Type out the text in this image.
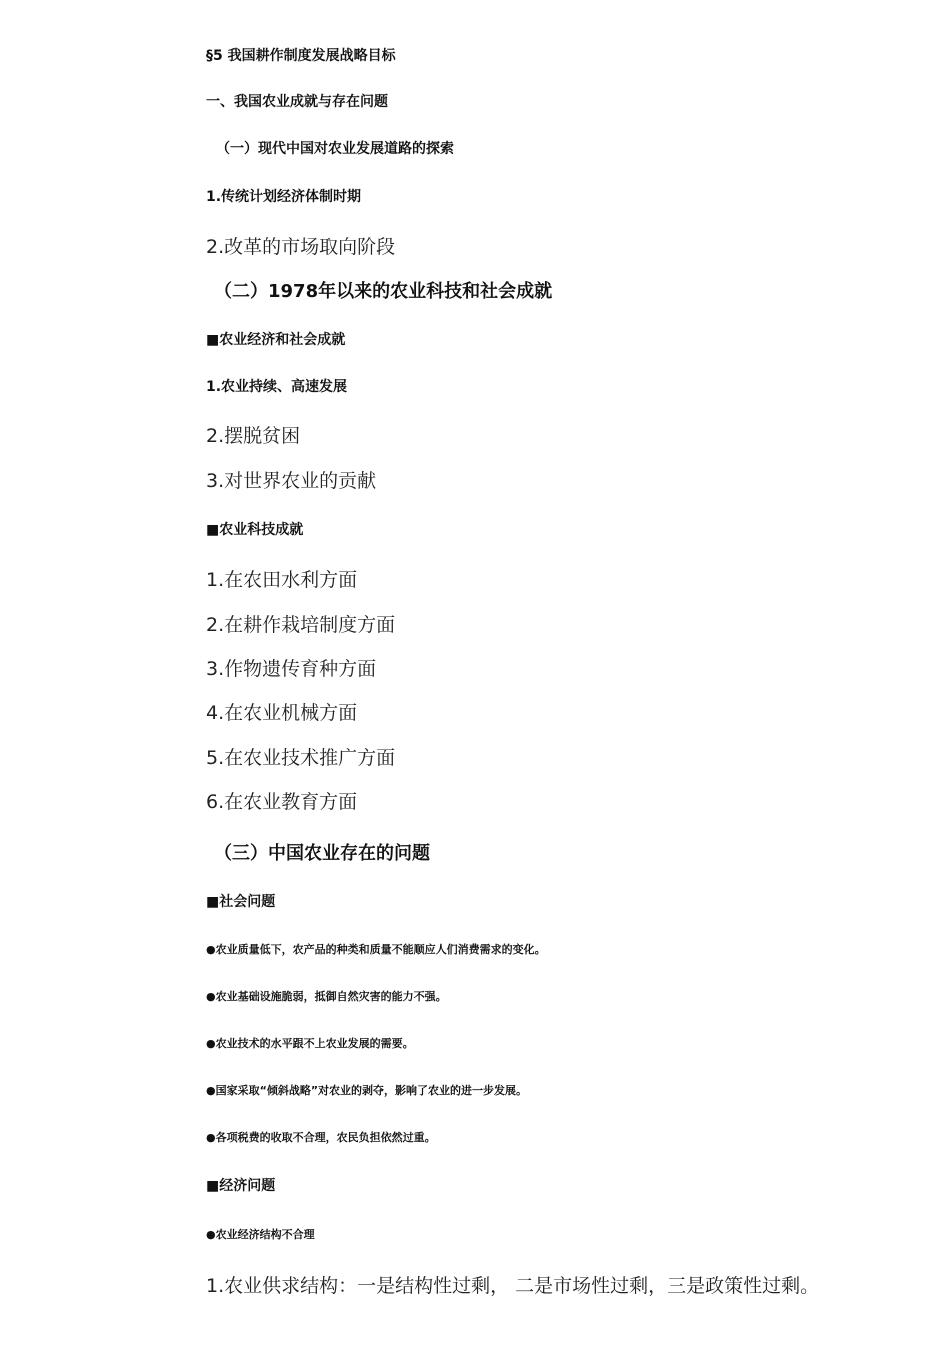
§5 我国耕作制度发展战略目标
一、我国农业成就与存在问题
（一）现代中国对农业发展道路的探索
1.传统计划经济体制时期
2.改革的市场取向阶段
（二）1978年以来的农业科技和社会成就
■农业经济和社会成就
1.农业持续、高速发展
2.摆脱贫困
3.对世界农业的贡献
■农业科技成就
1.在农田水利方面
2.在耕作栽培制度方面
3.作物遗传育种方面
4.在农业机械方面
5.在农业技术推广方面
6.在农业教育方面
（三）中国农业存在的问题
■社会问题
●农业质量低下，农产品的种类和质量不能顺应人们消费需求的变化。
●农业基础设施脆弱，抵御自然灾害的能力不强。
●农业技术的水平跟不上农业发展的需要。
●国家采取“倾斜战略”对农业的剥夺，影响了农业的进一步发展。
●各项税费的收取不合理，农民负担依然过重。
■经济问题
●农业经济结构不合理
1.农业供求结构：一是结构性过剩， 二是市场性过剩，三是政策性过剩。
